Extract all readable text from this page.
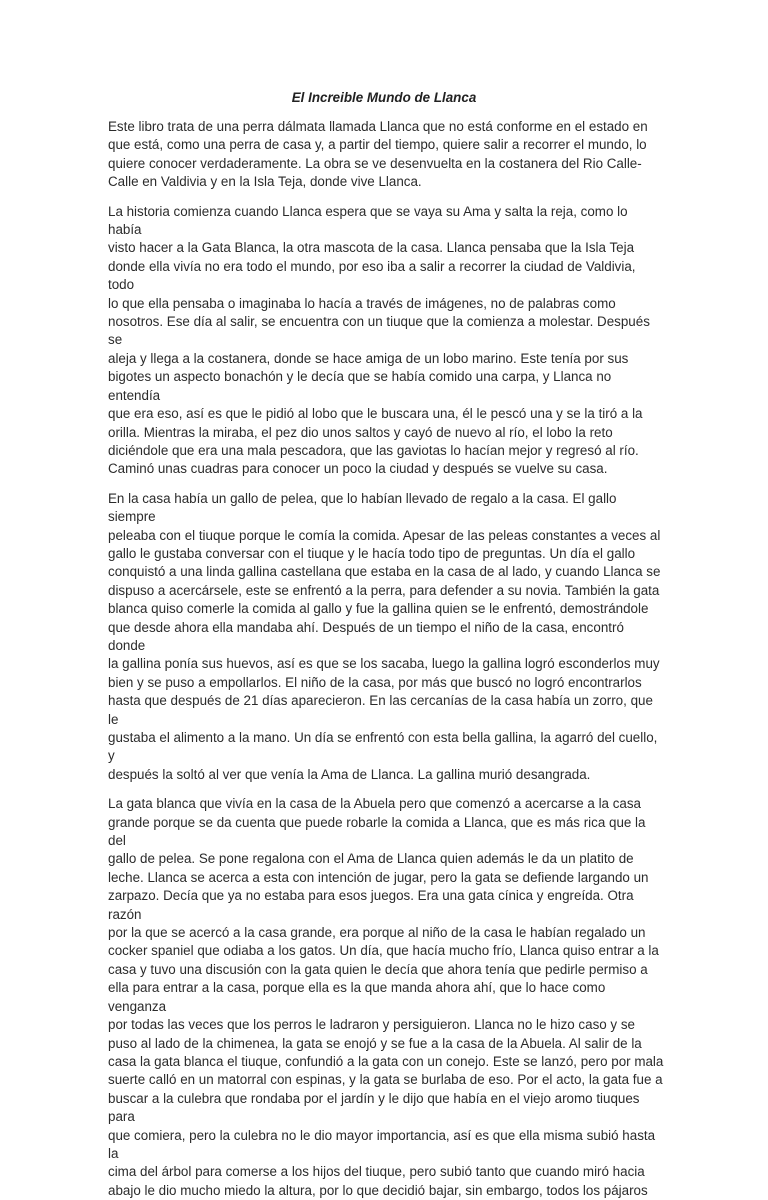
El Increible Mundo de Llanca

Este libro trata de una perra dálmata llamada Llanca que no está conforme en el estado en
que está, como una perra de casa y, a partir del tiempo, quiere salir a recorrer el mundo, lo
quiere conocer verdaderamente. La obra se ve desenvuelta en la costanera del Rio Calle-
Calle en Valdivia y en la Isla Teja, donde vive Llanca.

La historia comienza cuando Llanca espera que se vaya su Ama y salta la reja, como lo había
visto hacer a la Gata Blanca, la otra mascota de la casa. Llanca pensaba que la Isla Teja
donde ella vivía no era todo el mundo, por eso iba a salir a recorrer la ciudad de Valdivia, todo
lo que ella pensaba o imaginaba lo hacía a través de imágenes, no de palabras como
nosotros. Ese día al salir, se encuentra con un tiuque que la comienza a molestar. Después se
aleja y llega a la costanera, donde se hace amiga de un lobo marino. Este tenía por sus
bigotes un aspecto bonachón y le decía que se había comido una carpa, y Llanca no entendía
que era eso, así es que le pidió al lobo que le buscara una, él le pescó una y se la tiró a la
orilla. Mientras la miraba, el pez dio unos saltos y cayó de nuevo al río, el lobo la reto
diciéndole que era una mala pescadora, que las gaviotas lo hacían mejor y regresó al río.
Caminó unas cuadras para conocer un poco la ciudad y después se vuelve su casa.

En la casa había un gallo de pelea, que lo habían llevado de regalo a la casa. El gallo siempre
peleaba con el tiuque porque le comía la comida. Apesar de las peleas constantes a veces al
gallo le gustaba conversar con el tiuque y le hacía todo tipo de preguntas. Un día el gallo
conquistó a una linda gallina castellana que estaba en la casa de al lado, y cuando Llanca se
dispuso a acercársele, este se enfrentó a la perra, para defender a su novia. También la gata
blanca quiso comerle la comida al gallo y fue la gallina quien se le enfrentó, demostrándole
que desde ahora ella mandaba ahí. Después de un tiempo el niño de la casa, encontró donde
la gallina ponía sus huevos, así es que se los sacaba, luego la gallina logró esconderlos muy
bien y se puso a empollarlos. El niño de la casa, por más que buscó no logró encontrarlos
hasta que después de 21 días aparecieron. En las cercanías de la casa había un zorro, que le
gustaba el alimento a la mano. Un día se enfrentó con esta bella gallina, la agarró del cuello, y
después la soltó al ver que venía la Ama de Llanca. La gallina murió desangrada.

La gata blanca que vivía en la casa de la Abuela pero que comenzó a acercarse a la casa
grande porque se da cuenta que puede robarle la comida a Llanca, que es más rica que la del
gallo de pelea. Se pone regalona con el Ama de Llanca quien además le da un platito de
leche. Llanca se acerca a esta con intención de jugar, pero la gata se defiende largando un
zarpazo. Decía que ya no estaba para esos juegos. Era una gata cínica y engreída. Otra razón
por la que se acercó a la casa grande, era porque al niño de la casa le habían regalado un
cocker spaniel que odiaba a los gatos. Un día, que hacía mucho frío, Llanca quiso entrar a la
casa y tuvo una discusión con la gata quien le decía que ahora tenía que pedirle permiso a
ella para entrar a la casa, porque ella es la que manda ahora ahí, que lo hace como venganza
por todas las veces que los perros le ladraron y persiguieron. Llanca no le hizo caso y se
puso al lado de la chimenea, la gata se enojó y se fue a la casa de la Abuela. Al salir de la
casa la gata blanca el tiuque, confundió a la gata con un conejo. Este se lanzó, pero por mala
suerte calló en un matorral con espinas, y la gata se burlaba de eso. Por el acto, la gata fue a
buscar a la culebra que rondaba por el jardín y le dijo que había en el viejo aromo tiuques para
que comiera, pero la culebra no le dio mayor importancia, así es que ella misma subió hasta la
cima del árbol para comerse a los hijos del tiuque, pero subió tanto que cuando miró hacia
abajo le dio mucho miedo la altura, por lo que decidió bajar, sin embargo, todos los pájaros
